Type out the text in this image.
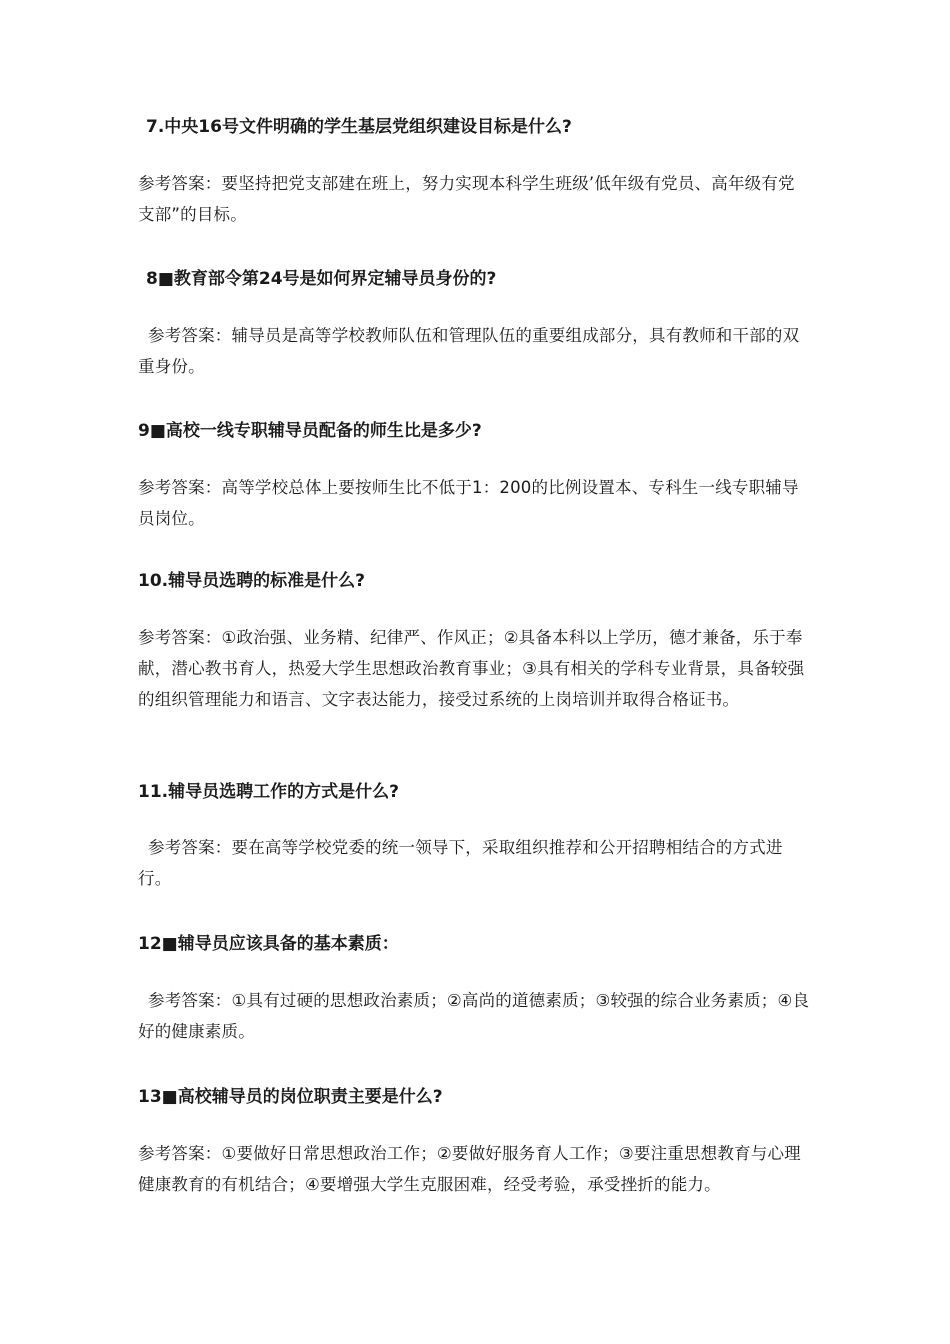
7.中央16号文件明确的学生基层党组织建设目标是什么?

参考答案：要坚持把党支部建在班上，努力实现本科学生班级’低年级有党员、高年级有党支部”的目标。

8■教育部令第24号是如何界定辅导员身份的?

参考答案：辅导员是高等学校教师队伍和管理队伍的重要组成部分，具有教师和干部的双重身份。

9■高校一线专职辅导员配备的师生比是多少?

参考答案：高等学校总体上要按师生比不低于1：200的比例设置本、专科生一线专职辅导员岗位。

10.辅导员选聘的标准是什么?

参考答案：①政治强、业务精、纪律严、作风正；②具备本科以上学历，德才兼备，乐于奉献，潜心教书育人，热爱大学生思想政治教育事业；③具有相关的学科专业背景，具备较强的组织管理能力和语言、文字表达能力，接受过系统的上岗培训并取得合格证书。

11.辅导员选聘工作的方式是什么?

参考答案：要在高等学校党委的统一领导下，采取组织推荐和公开招聘相结合的方式进行。

12■辅导员应该具备的基本素质：

参考答案：①具有过硬的思想政治素质；②高尚的道德素质；③较强的综合业务素质；④良好的健康素质。

13■高校辅导员的岗位职责主要是什么?

参考答案：①要做好日常思想政治工作；②要做好服务育人工作；③要注重思想教育与心理健康教育的有机结合；④要增强大学生克服困难，经受考验，承受挫折的能力。
